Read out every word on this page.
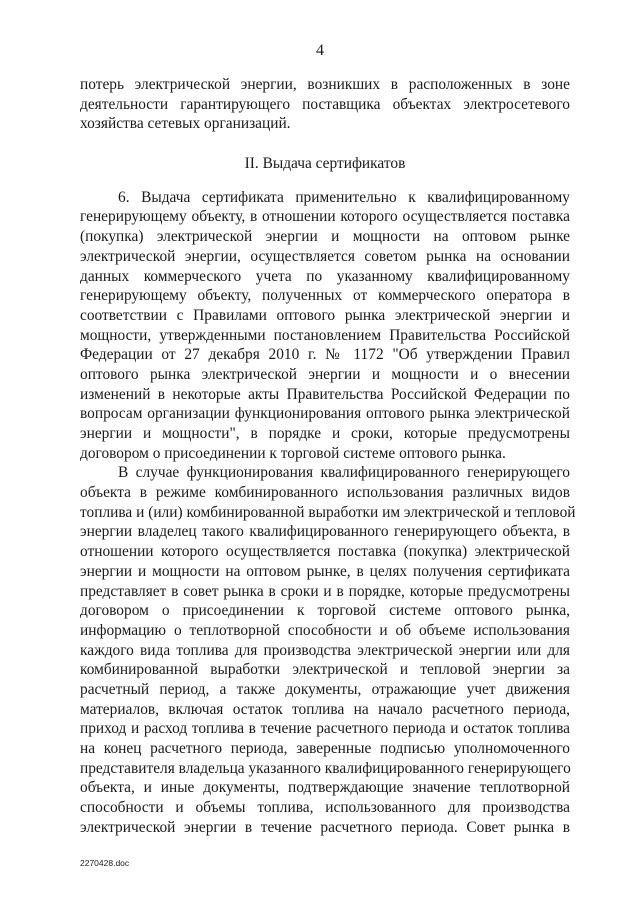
4
потерь электрической энергии, возникших в расположенных в зоне
деятельности гарантирующего поставщика объектах электросетевого
хозяйства сетевых организаций.
II. Выдача сертификатов
6. Выдача сертификата применительно к квалифицированному
генерирующему объекту, в отношении которого осуществляется поставка
(покупка) электрической энергии и мощности на оптовом рынке
электрической энергии, осуществляется советом рынка на основании
данных коммерческого учета по указанному квалифицированному
генерирующему объекту, полученных от коммерческого оператора в
соответствии с Правилами оптового рынка электрической энергии и
мощности, утвержденными постановлением Правительства Российской
Федерации от 27 декабря 2010 г. № 1172 "Об утверждении Правил
оптового рынка электрической энергии и мощности и о внесении
изменений в некоторые акты Правительства Российской Федерации по
вопросам организации функционирования оптового рынка электрической
энергии и мощности", в порядке и сроки, которые предусмотрены
договором о присоединении к торговой системе оптового рынка.
В случае функционирования квалифицированного генерирующего
объекта в режиме комбинированного использования различных видов
топлива и (или) комбинированной выработки им электрической и тепловой
энергии владелец такого квалифицированного генерирующего объекта, в
отношении которого осуществляется поставка (покупка) электрической
энергии и мощности на оптовом рынке, в целях получения сертификата
представляет в совет рынка в сроки и в порядке, которые предусмотрены
договором о присоединении к торговой системе оптового рынка,
информацию о теплотворной способности и об объеме использования
каждого вида топлива для производства электрической энергии или для
комбинированной выработки электрической и тепловой энергии за
расчетный период, а также документы, отражающие учет движения
материалов, включая остаток топлива на начало расчетного периода,
приход и расход топлива в течение расчетного периода и остаток топлива
на конец расчетного периода, заверенные подписью уполномоченного
представителя владельца указанного квалифицированного генерирующего
объекта, и иные документы, подтверждающие значение теплотворной
способности и объемы топлива, использованного для производства
электрической энергии в течение расчетного периода. Совет рынка в
2270428.doc
